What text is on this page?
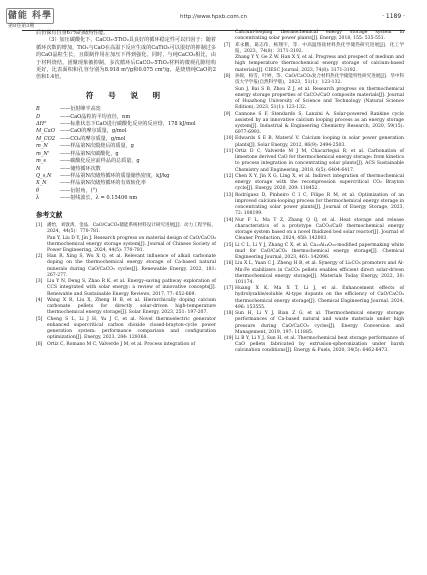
儲能 科學
第8卷第3期
http://www.hpxb.com.cn	· 1189 ·

后仍保有自身67%的储热性能。

（3）加压碳酸化下，CaCO₃-5TiO₂具良好的循环稳定性可以归因于：随着循环次数的增加，TiO₂与CaO在高温下反应生成的CaTiO₃可以很好的抑制过多的CaO晶粒生长，且限制作用在加压下得到强化。同时，与纯CaCO₃相比，由于材料烧结，团聚现象被抑制，多次循环后CaCO₃-5TiO₂材料的微观孔隙结构更好，比表面积和孔容分别为8.918 m²/g和0.075 cm³/g，是烧烧纯CaO的2倍和1.4倍。

符 号 说 明
B	——衍射峰半高宽
D	——CaO晶粒的平均直径，nm
ΔHᶿ	——标准状态下CaO进行碳酸化反应的反应焓，178 kJ/mol
M_CaO	——CaO的摩尔质量，g/mol
M_CO2	——CO₂的摩尔质量，g/mol
m_N	——样品第N次煅烧后的质量，g
m_N'	——样品第N次碳酸化，g
m_s	——碳酸化反应前样品的总质量，g
N	——储热循环次数
Q_s,N	——样品第N次储热循环的质量储热密度，kJ/kg
X_N	——样品第N次储热循环的有效转化率
θ	——衍射角，(°)
λ	——射线波长，λ = 0.15406 nm
参考文献
[1] 潘怡，刘敦禹，金晶．CaO/CaCO₃储能系统材料设计研究进展[J]．动力工程学报，2024，44(5)：770-781.
Pan Y, Liu D Y, Jin J. Research progress on material design of CaO/CaCO₃ thermochemical energy storage system[J]. Journal of Chinese Society of Power Engineering, 2024, 44(5): 770-781.
[2] Han R, Xing S, Wu X Q, et al. Relevant influence of alkali carbonate doping on the thermochemical energy storage of Ca-based natural minerals during CaO/CaCO₃ cycles[J]. Renewable Energy, 2022, 181: 267-277.
[3] Liu Y N, Deng S, Zhao R K, et al. Energy-saving pathway exploration of CCS integrated with solar energy: a review of innovative concepts[J]. Renewable and Sustainable Energy Reviews, 2017, 77: 652-669.
[4] Wang X R, Liu X, Zheng H B, et al. Hierarchically doping calcium carbonate pellets for directly solar-driven high-temperature thermochemical energy storage[J]. Solar Energy, 2023, 251: 197-207.
[5] Cheng S L, Li J H, Yu J C, et al. Novel thermoelectric generator enhanced supercritical carbon dioxide closed-brayton-cycle power generation system: performance comparison and configuration optimization[J]. Energy, 2023, 284: 129368.
[6] Ortiz C, Romano M C, Valverde J M, et al. Process integration of
Calcium-looping thermochemical energy storage system in concentrating solar power plants[J]. Energy, 2018, 155: 535-551.
[7] 邓永鹏，葛志伟，杨翔宇，等．中高温熔盐材料热化学储热研究进展[J]．化工学报，2023，74(8)：3171-3192.
Zhang Y Y, Ge Z W, Han X Y, et al. Progress and prospect of medium and high temperature thermochemical energy storage of calcium-based materials[J]. CIESC Journal, 2023, 74(8): 3171-3192.
[8] 孙锐，柏雪，叶婷，等．CaO/CaCO₃复合材料热化学储能特性研究进展[J]．华中科技大学学报(自然科学版)，2023，51(1)：123-132.
Sun J, Bai S B, Zhou Z J, et al. Research progress on thermochemical energy storage properties of CaCO₃/CaO composite materials[J]. Journal of Huazhong University of Science and Technology (Natural Science Edition), 2023, 51(1): 123-132.
[9] Cannone S F, Stendardo S, Lanzini A. Solar-powered Rankine cycle assisted by an innovative calcium looping process as an energy storage system[J]. Industrial & Engineering Chemistry Research, 2020, 59(15): 6977-6993.
[10] Edwards S E B, Materić V. Calcium looping in solar power generation plants[J]. Solar Energy, 2012, 86(9): 2494-2503.
[11] Ortiz D C, Valverde M J M, Chacartegui R, et al. Carbonation of limestone derived CaO for thermochemical energy storage: from kinetics to process integration in concentrating solar plants[J]. ACS Sustainable Chemistry and Engineering, 2018, 6(5): 6404-6417.
[12] Chen X Y, Jin X G, Ling X, et al. Indirect integration of thermochemical energy storage with the recompression supercritical CO₂ Brayton cycle[J]. Energy, 2020, 209: 118452.
[13] Rodríguez D, Pinheiro C I C, Filipe R M, et al. Optimization of an improved calcium-looping process for thermochemical energy storage in concentrating solar power plants[J]. Journal of Energy Storage, 2023, 72: 108199.
[14] Nur F L, Ma T Z, Zhang Q Q, et al. Heat storage and release characteristics of a prototype CaCO₃/CaO thermochemical energy storage system based on a novel fluidized bed solar reactor[J]. Journal of Cleaner Production, 2024, 458: 142003.
[15] Li C L, Li Y J, Zhang C X, et al. Ca₁₂Al₁₄O₃₃-modified papermaking white mud for CaO/CaCO₃ thermochemical energy storage[J]. Chemical Engineering Journal, 2023, 461: 142096.
[16] Liu X L, Yuan C J, Zheng H B, et al. Synergy of Li₂CO₃ promoters and Al-Mn-Fe stabilizers in CaCO₃ pellets enables efficient direct solar-driven thermochemical energy storage[J]. Materials Today Energy, 2022, 30: 101174.
[17] Huang X K, Ma X T, Li J, et al. Enhancement effects of hydrolyzable/soluble Al-type dopants on the efficiency of CaO/CaCO₃ thermochemical energy storage[J]. Chemical Engineering Journal, 2024, 496: 153555.
[18] Sun H, Li Y J, Bian Z G, et al. Thermochemical energy storage performances of Ca-based natural and waste materials under high pressure during CaO/CaCO₃ cycles[J]. Energy Conversion and Management, 2019, 197: 111885.
[19] Li B Y, Li Y J, Sun H, et al. Thermochemical heat storage performance of CaO pellets fabricated by extrusion-spheronization under harsh calcination conditions[J]. Energy & Fuels, 2020, 34(5): 6462-6473.
